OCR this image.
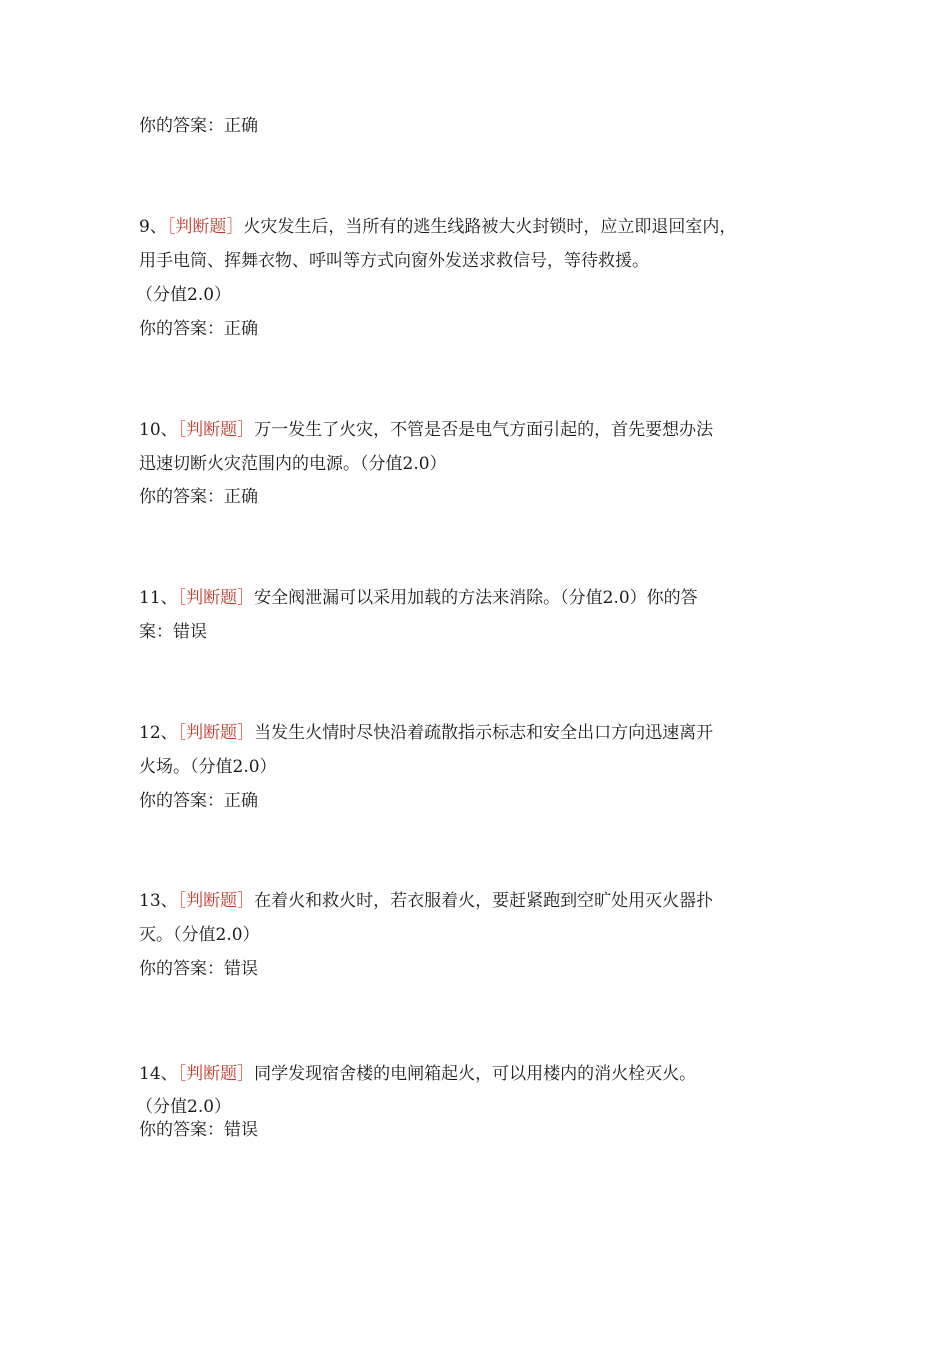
你的答案：正确
9、［判断题］火灾发生后，当所有的逃生线路被大火封锁时，应立即退回室内，
用手电筒、挥舞衣物、呼叫等方式向窗外发送求救信号，等待救援。
（分值2.0）
你的答案：正确
10、［判断题］万一发生了火灾，不管是否是电气方面引起的，首先要想办法
迅速切断火灾范围内的电源。（分值2.0）
你的答案：正确
11、［判断题］安全阀泄漏可以采用加载的方法来消除。（分值2.0）你的答
案：错误
12、［判断题］当发生火情时尽快沿着疏散指示标志和安全出口方向迅速离开
火场。（分值2.0）
你的答案：正确
13、［判断题］在着火和救火时，若衣服着火，要赶紧跑到空旷处用灭火器扑
灭。（分值2.0）
你的答案：错误
14、［判断题］同学发现宿舍楼的电闸箱起火，可以用楼内的消火栓灭火。
（分值2.0）
你的答案：错误
